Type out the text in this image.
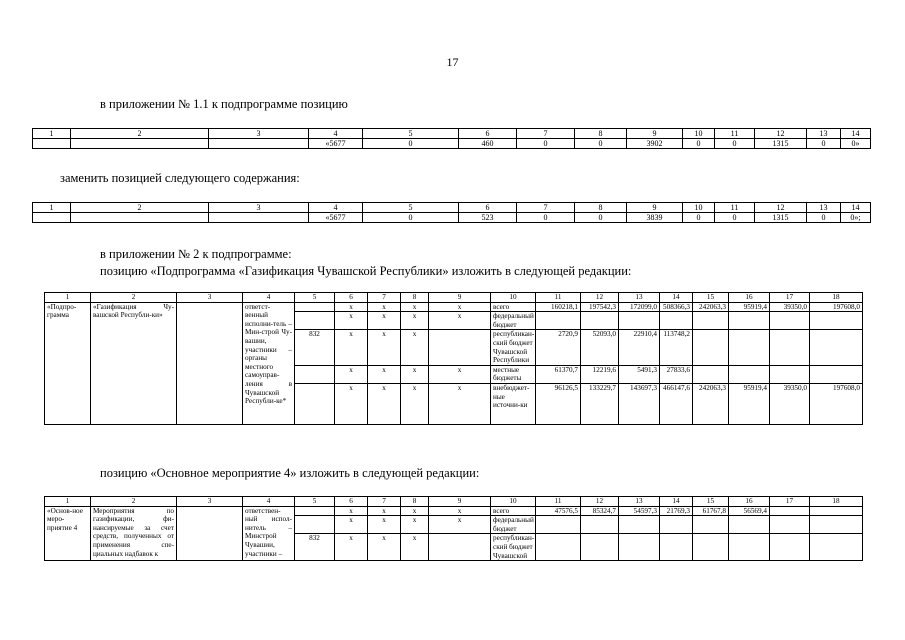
17
в приложении № 1.1 к подпрограмме позицию
1	2	3	4	5	6	7	8	9	10	11	12	13	14
			«5677	0	460	0	0	3902	0	0	1315	0	0»
заменить позицией следующего содержания:
1	2	3	4	5	6	7	8	9	10	11	12	13	14
			«5677	0	523	0	0	3839	0	0	1315	0	0»;
в приложении № 2 к подпрограмме:
позицию «Подпрограмма «Газификация Чувашской Республики» изложить в следующей редакции:
1	2	3	4	5	6	7	8	9	10	11	12	13	14	15	16	17	18
«Подпро-грамма	«Газификация Чу-вашской Республи-ки»		ответст-венный исполни-тель – Мин-строй Чу-вашии, участники – органы местного самоуправ-ления в Чувашской Республи-ке*		x	x	x	x	всего	160218,1	197542,3	172099,0	508366,3	242063,3	95919,4	39350,0	197608,0
					x	x	x	x	федеральный бюджет								
				832	x	x	x		республикан-ский бюджет Чувашской Республики	2720,9	52093,0	22910,4	113748,2				
					x	x	x	x	местные бюджеты	61370,7	12219,6	5491,3	27833,6				
					x	x	x	x	внебюджет-ные источни-ки	96126,5	133229,7	143697,3	466147,6	242063,3	95919,4	39350,0	197608,0
позицию «Основное мероприятие 4» изложить в следующей редакции:
1	2	3	4	5	6	7	8	9	10	11	12	13	14	15	16	17	18
«Основ-ное меро-приятие 4	Мероприятия по газификации, фи-нансируемые за счет средств, полученных от применения спе-циальных надбавок к		ответствен-ный испол-нитель – Минстрой Чувашии, участники –		x	x	x	x	всего	47576,5	85324,7	54597,3	21769,3	61767,8	56569,4		
					x	x	x	x	федеральный бюджет								
				832	x	x	x		республикан-ский бюджет Чувашской								
